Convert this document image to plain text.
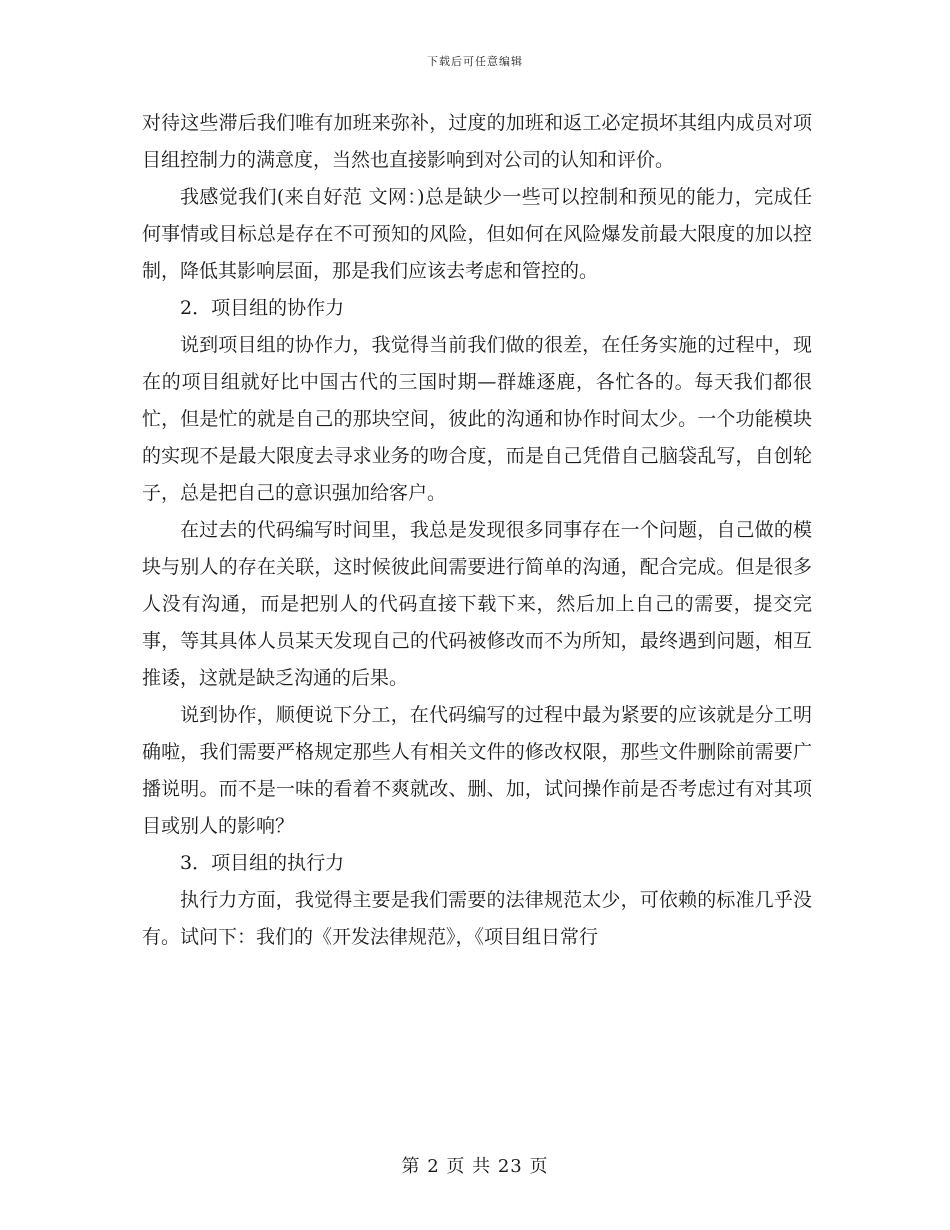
下载后可任意编辑

对待这些滞后我们唯有加班来弥补，过度的加班和返工必定损坏其组内成员对项目组控制力的满意度，当然也直接影响到对公司的认知和评价。

我感觉我们(来自好范 文网：)总是缺少一些可以控制和预见的能力，完成任何事情或目标总是存在不可预知的风险，但如何在风险爆发前最大限度的加以控制，降低其影响层面，那是我们应该去考虑和管控的。

2．项目组的协作力

说到项目组的协作力，我觉得当前我们做的很差，在任务实施的过程中，现在的项目组就好比中国古代的三国时期—群雄逐鹿，各忙各的。每天我们都很忙，但是忙的就是自己的那块空间，彼此的沟通和协作时间太少。一个功能模块的实现不是最大限度去寻求业务的吻合度，而是自己凭借自己脑袋乱写，自创轮子，总是把自己的意识强加给客户。

在过去的代码编写时间里，我总是发现很多同事存在一个问题，自己做的模块与别人的存在关联，这时候彼此间需要进行简单的沟通，配合完成。但是很多人没有沟通，而是把别人的代码直接下载下来，然后加上自己的需要，提交完事，等其具体人员某天发现自己的代码被修改而不为所知，最终遇到问题，相互推诿，这就是缺乏沟通的后果。

说到协作，顺便说下分工，在代码编写的过程中最为紧要的应该就是分工明确啦，我们需要严格规定那些人有相关文件的修改权限，那些文件删除前需要广播说明。而不是一味的看着不爽就改、删、加，试问操作前是否考虑过有对其项目或别人的影响？

3．项目组的执行力

执行力方面，我觉得主要是我们需要的法律规范太少，可依赖的标准几乎没有。试问下：我们的《开发法律规范》，《项目组日常行

第 2 页 共 23 页
